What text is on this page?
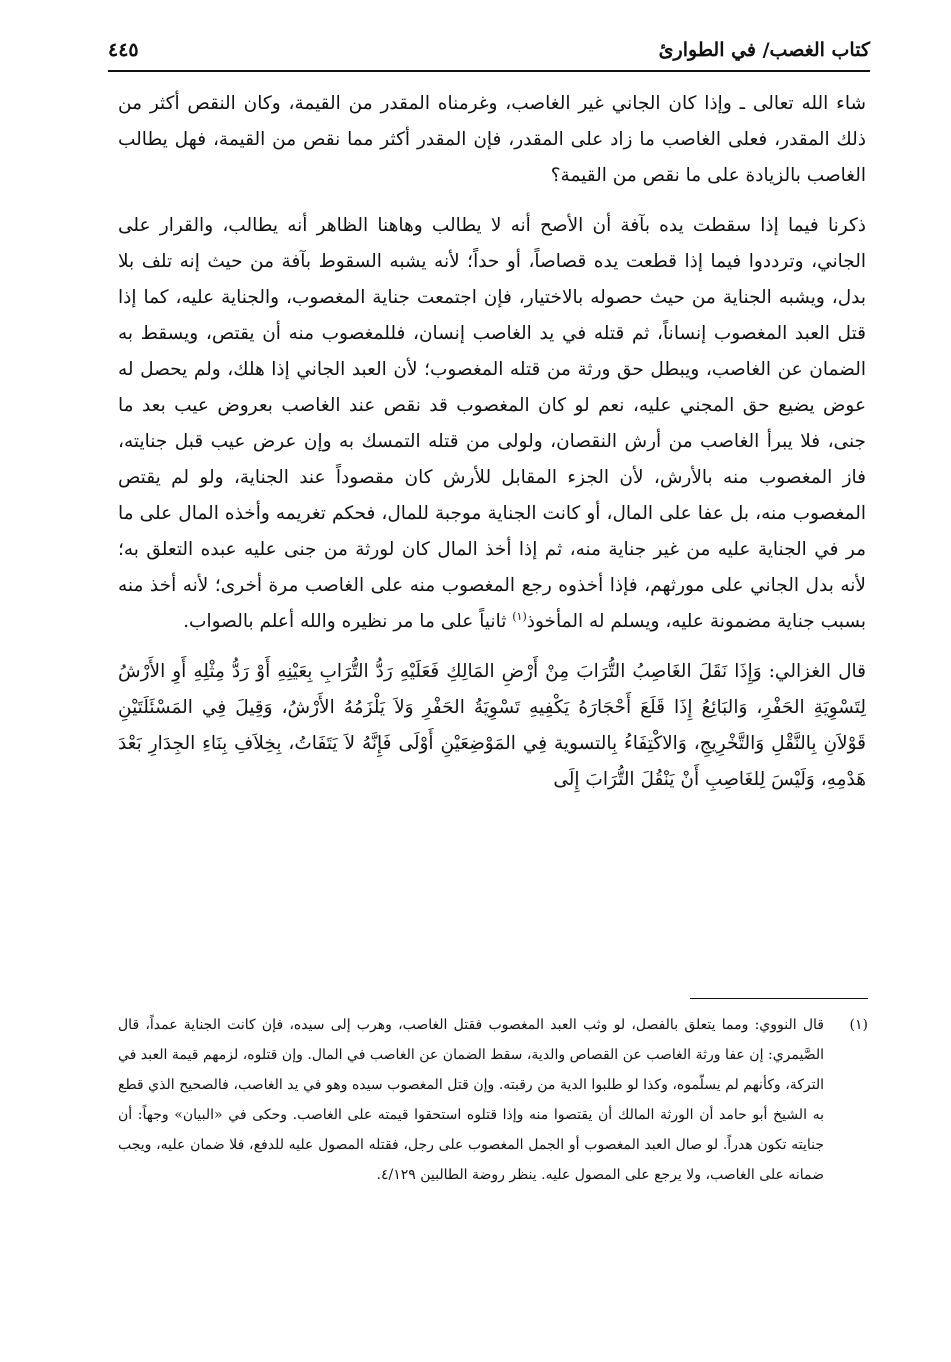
كتاب الغصب/ في الطوارئ
٤٤٥

شاء الله تعالى ـ وإذا كان الجاني غير الغاصب، وغرمناه المقدر من القيمة، وكان النقص أكثر من ذلك المقدر، فعلى الغاصب ما زاد على المقدر، فإن المقدر أكثر مما نقص من القيمة، فهل يطالب الغاصب بالزيادة على ما نقص من القيمة؟

ذكرنا فيما إذا سقطت يده بآفة أن الأصح أنه لا يطالب وهاهنا الظاهر أنه يطالب، والقرار على الجاني، وترددوا فيما إذا قطعت يده قصاصاً، أو حداً؛ لأنه يشبه السقوط بآفة من حيث إنه تلف بلا بدل، ويشبه الجناية من حيث حصوله بالاختيار، فإن اجتمعت جناية المغصوب، والجناية عليه، كما إذا قتل العبد المغصوب إنساناً، ثم قتله في يد الغاصب إنسان، فللمغصوب منه أن يقتص، ويسقط به الضمان عن الغاصب، ويبطل حق ورثة من قتله المغصوب؛ لأن العبد الجاني إذا هلك، ولم يحصل له عوض يضيع حق المجني عليه، نعم لو كان المغصوب قد نقص عند الغاصب بعروض عيب بعد ما جنى، فلا يبرأ الغاصب من أرش النقصان، ولولى من قتله التمسك به وإن عرض عيب قبل جنايته، فاز المغصوب منه بالأرش، لأن الجزء المقابل للأرش كان مقصوداً عند الجناية، ولو لم يقتص المغصوب منه، بل عفا على المال، أو كانت الجناية موجبة للمال، فحكم تغريمه وأخذه المال على ما مر في الجناية عليه من غير جناية منه، ثم إذا أخذ المال كان لورثة من جنى عليه عبده التعلق به؛ لأنه بدل الجاني على مورثهم، فإذا أخذوه رجع المغصوب منه على الغاصب مرة أخرى؛ لأنه أخذ منه بسبب جناية مضمونة عليه، ويسلم له المأخوذ$^{(١)}$ ثانياً على ما مر نظيره والله أعلم بالصواب.

قال الغزالي: وَإِذَا نَقَلَ الغَاصِبُ التُّرَابَ مِنْ أَرْضِ المَالِكِ فَعَلَيْهِ رَدُّ التُّرَابِ بِعَيْنِهِ أَوْ رَدُّ مِثْلِهِ أَوِ الأَرْشُ لِتَسْوِيَةِ الحَفْرِ، وَالبَائِعُ إِذَا قَلَعَ أَحْجَارَهُ يَكْفِيهِ تَسْوِيَةُ الحَفْرِ وَلاَ يَلْزَمُهُ الأَرْشُ، وَقِيلَ فِي المَسْئَلَتَيْنِ قَوْلاَنِ بِالنَّقْلِ وَالتَّخْرِيجِ، وَالاكْتِفَاءُ بِالتسوية فِي المَوْضِعَيْنِ أَوْلَى فَإِنَّهُ لاَ يَتَفَاتُ، بِخِلاَفِ بِنَاءِ الجِدَارِ بَعْدَ هَدْمِهِ، وَلَيْسَ لِلغَاصِبِ أَنْ يَنْقُلَ التُّرَابَ إِلَى

(١)
قال النووي: ومما يتعلق بالفصل، لو وثب العبد المغصوب فقتل الغاصب، وهرب إلى سيده، فإن كانت الجناية عمداً، قال الصَّيمري: إن عفا ورثة الغاصب عن القصاص والدية، سقط الضمان عن الغاصب في المال. وإن قتلوه، لزمهم قيمة العبد في التركة، وكأنهم لم يسلّموه، وكذا لو طلبوا الدية من رقبته. وإن قتل المغصوب سيده وهو في يد الغاصب، فالصحيح الذي قطع به الشيخ أبو حامد أن الورثة المالك أن يقتصوا منه وإذا قتلوه استحقوا قيمته على الغاصب. وحكى في «البيان» وجهاً: أن جنايته تكون هدراً. لو صال العبد المغصوب أو الجمل المغصوب على رجل، فقتله المصول عليه للدفع، فلا ضمان عليه، ويجب ضمانه على الغاصب، ولا يرجع على المصول عليه. ينظر روضة الطالبين ٤/١٢٩.
